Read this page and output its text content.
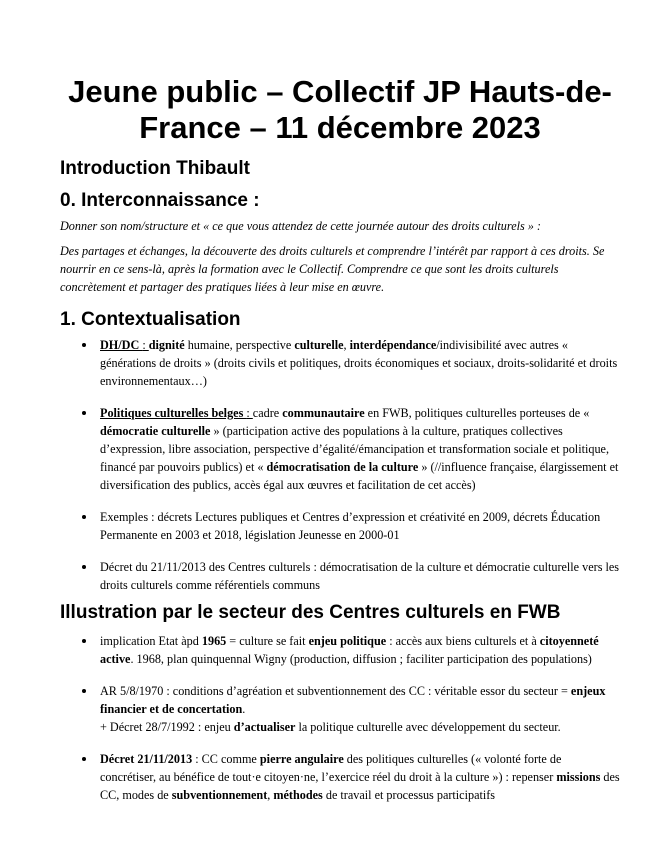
Jeune public – Collectif JP Hauts-de-France – 11 décembre 2023
Introduction Thibault
0. Interconnaissance :

Donner son nom/structure et « ce que vous attendez de cette journée autour des droits culturels » :

Des partages et échanges, la découverte des droits culturels et comprendre l’intérêt par rapport à ces droits. Se nourrir en ce sens-là, après la formation avec le Collectif. Comprendre ce que sont les droits culturels concrètement et partager des pratiques liées à leur mise en œuvre.

1. Contextualisation
DH/DC : dignité humaine, perspective culturelle, interdépendance/indivisibilité avec autres « générations de droits » (droits civils et politiques, droits économiques et sociaux, droits-solidarité et droits environnementaux…)
Politiques culturelles belges : cadre communautaire en FWB, politiques culturelles porteuses de « démocratie culturelle » (participation active des populations à la culture, pratiques collectives d’expression, libre association, perspective d’égalité/émancipation et transformation sociale et politique, financé par pouvoirs publics) et « démocratisation de la culture » (//influence française, élargissement et diversification des publics, accès égal aux œuvres et facilitation de cet accès)
Exemples : décrets Lectures publiques et Centres d’expression et créativité en 2009, décrets Éducation Permanente en 2003 et 2018, législation Jeunesse en 2000-01
Décret du 21/11/2013 des Centres culturels : démocratisation de la culture et démocratie culturelle vers les droits culturels comme référentiels communs
Illustration par le secteur des Centres culturels en FWB
implication Etat àpd 1965 = culture se fait enjeu politique : accès aux biens culturels et à citoyenneté active. 1968, plan quinquennal Wigny (production, diffusion ; faciliter participation des populations)
AR 5/8/1970 : conditions d’agréation et subventionnement des CC : véritable essor du secteur = enjeux financier et de concertation.
+ Décret 28/7/1992 : enjeu d’actualiser la politique culturelle avec développement du secteur.
Décret 21/11/2013 : CC comme pierre angulaire des politiques culturelles (« volonté forte de concrétiser, au bénéfice de tout·e citoyen·ne, l’exercice réel du droit à la culture ») : repenser missions des CC, modes de subventionnement, méthodes de travail et processus participatifs
